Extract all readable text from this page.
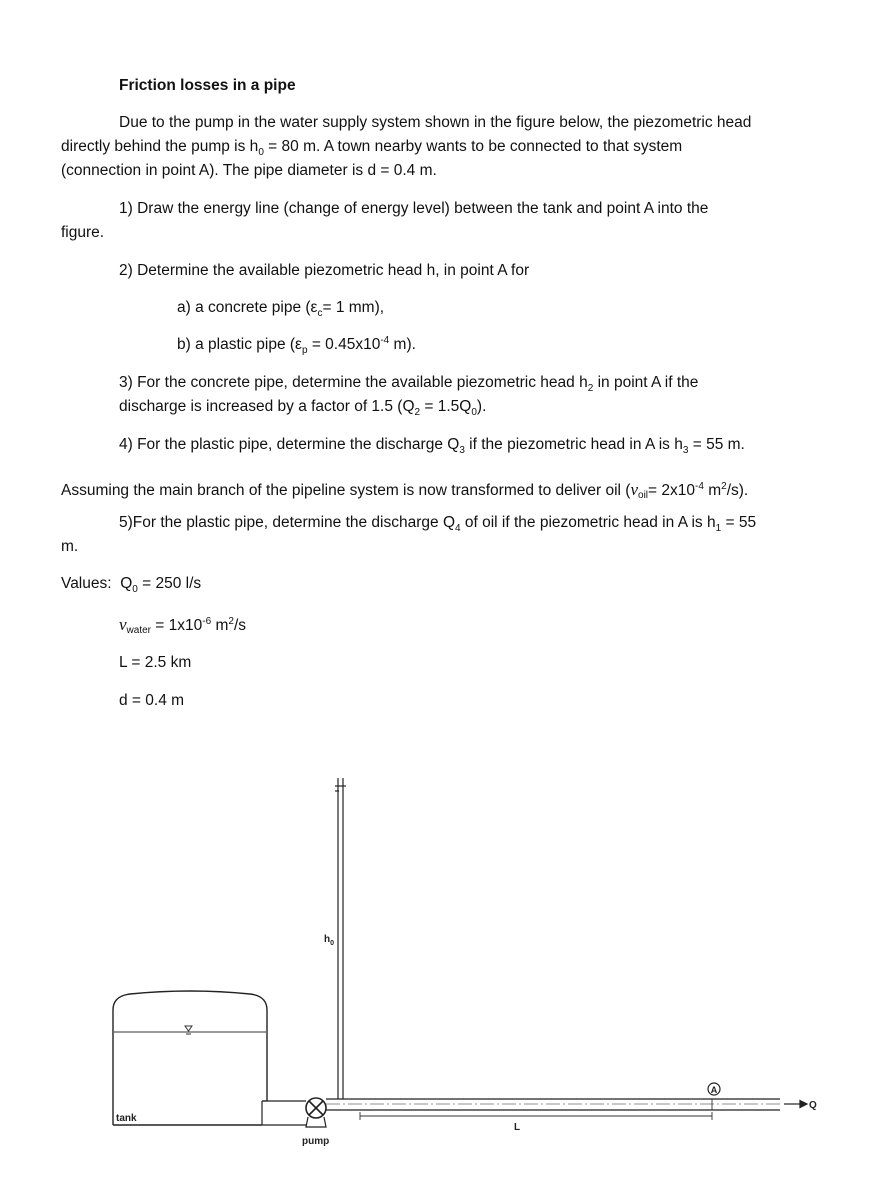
Friction losses in a pipe
Due to the pump in the water supply system shown in the figure below, the piezometric head
directly behind the pump is $h_0 = 80$ m. A town nearby wants to be connected to that system
(connection in point A). The pipe diameter is d = 0.4 m.
1) Draw the energy line (change of energy level) between the tank and point A into the
figure.
2) Determine the available piezometric head h, in point A for
a) a concrete pipe ($\varepsilon_c= 1$ mm),
b) a plastic pipe ($\varepsilon_p = 0.45x10^{-4}$ m).
3) For the concrete pipe, determine the available piezometric head $h_2$ in point A if the
discharge is increased by a factor of 1.5 $(Q_2 = 1.5Q_0)$.
4) For the plastic pipe, determine the discharge $Q_3$ if the piezometric head in A is $h_3 = 55$ m.
Assuming the main branch of the pipeline system is now transformed to deliver oil ($\nu oil= 2x10^{-4}$ $m^2/s$).
5)For the plastic pipe, determine the discharge $Q_4$ of oil if the piezometric head in A is $h_1 = 55$
m.
Values: $Q_0 = 250$ l/s
νwater = $1x10^{-6}$ $m^2/s$
L = 2.5 km
d = 0.4 m
A
$h_0$
tank
pump
L
Q
